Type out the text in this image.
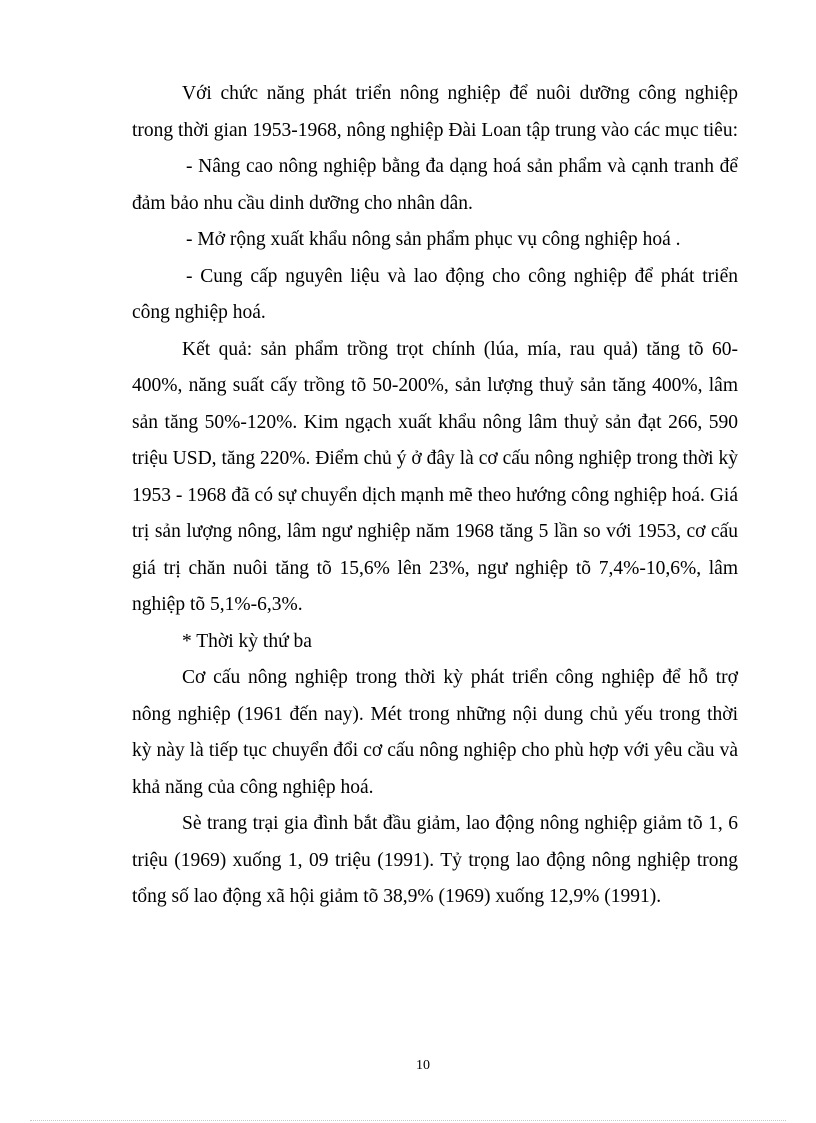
Với chức năng phát triển nông nghiệp để nuôi dưỡng công nghiệp trong thời gian 1953-1968, nông nghiệp Đài Loan tập trung vào các mục tiêu:

- Nâng cao nông nghiệp bằng đa dạng hoá sản phẩm và cạnh tranh để đảm bảo nhu cầu dinh dưỡng cho nhân dân.

- Mở rộng xuất khẩu nông sản phẩm phục vụ công nghiệp hoá .

- Cung cấp nguyên liệu và lao động cho công nghiệp để phát triển công nghiệp hoá.

Kết quả: sản phẩm trồng trọt chính (lúa, mía, rau quả) tăng tõ 60-400%, năng suất cấy trồng tõ 50-200%, sản lượng thuỷ sản tăng 400%, lâm sản tăng 50%-120%. Kim ngạch xuất khẩu nông lâm thuỷ sản đạt 266, 590 triệu USD, tăng 220%. Điểm chủ ý ở đây là cơ cấu nông nghiệp trong thời kỳ 1953 - 1968 đã có sự chuyển dịch mạnh mẽ theo hướng công nghiệp hoá. Giá trị sản lượng nông, lâm ngư nghiệp năm 1968 tăng 5 lần so với 1953, cơ cấu giá trị chăn nuôi tăng tõ 15,6% lên 23%, ngư nghiệp tõ 7,4%-10,6%, lâm nghiệp tõ 5,1%-6,3%.

* Thời kỳ thứ ba

Cơ cấu nông nghiệp trong thời kỳ phát triển công nghiệp để hỗ trợ nông nghiệp (1961 đến nay). Mét trong những nội dung chủ yếu trong thời kỳ này là tiếp tục chuyển đổi cơ cấu nông nghiệp cho phù hợp với yêu cầu và khả năng của công nghiệp hoá.

Sè trang trại gia đình bắt đầu giảm, lao động nông nghiệp giảm tõ 1, 6 triệu (1969) xuống 1, 09 triệu (1991). Tỷ trọng lao động nông nghiệp trong tổng số lao động xã hội giảm tõ 38,9% (1969) xuống 12,9% (1991).

10
